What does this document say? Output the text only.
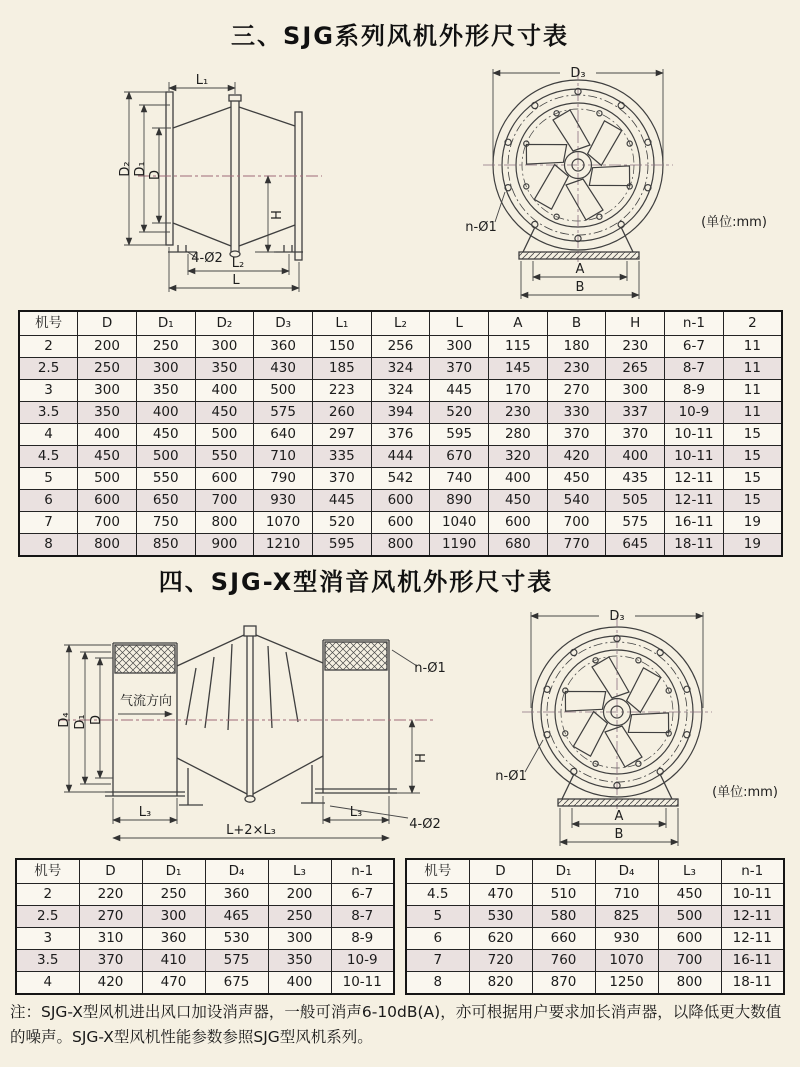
三、SJG系列风机外形尺寸表
L₁
D₂ D₁ D
H
4-Ø2 L₂
L
D₃
n-Ø1
A
B
(单位:mm)
机号	D	D₁	D₂	D₃	L₁	L₂	L	A	B	H	n-1	2
2	200	250	300	360	150	256	300	115	180	230	6-7	11
2.5	250	300	350	430	185	324	370	145	230	265	8-7	11
3	300	350	400	500	223	324	445	170	270	300	8-9	11
3.5	350	400	450	575	260	394	520	230	330	337	10-9	11
4	400	450	500	640	297	376	595	280	370	370	10-11	15
4.5	450	500	550	710	335	444	670	320	420	400	10-11	15
5	500	550	600	790	370	542	740	400	450	435	12-11	15
6	600	650	700	930	445	600	890	450	540	505	12-11	15
7	700	750	800	1070	520	600	1040	600	700	575	16-11	19
8	800	850	900	1210	595	800	1190	680	770	645	18-11	19
四、SJG-X型消音风机外形尺寸表
气流方向
D₄ D₁ D
n-Ø1
H
L₃	L₃
4-Ø2
L+2×L₃
D₃
n-Ø1
A
B
(单位:mm)
机号	D	D₁	D₄	L₃	n-1
2	220	250	360	200	6-7
2.5	270	300	465	250	8-7
3	310	360	530	300	8-9
3.5	370	410	575	350	10-9
4	420	470	675	400	10-11
机号	D	D₁	D₄	L₃	n-1
4.5	470	510	710	450	10-11
5	530	580	825	500	12-11
6	620	660	930	600	12-11
7	720	760	1070	700	16-11
8	820	870	1250	800	18-11
注：SJG-X型风机进出风口加设消声器，一般可消声6-10dB(A)，亦可根据用户要求加长消声器，以降低更大数值的噪声。SJG-X型风机性能参数参照SJG型风机系列。
